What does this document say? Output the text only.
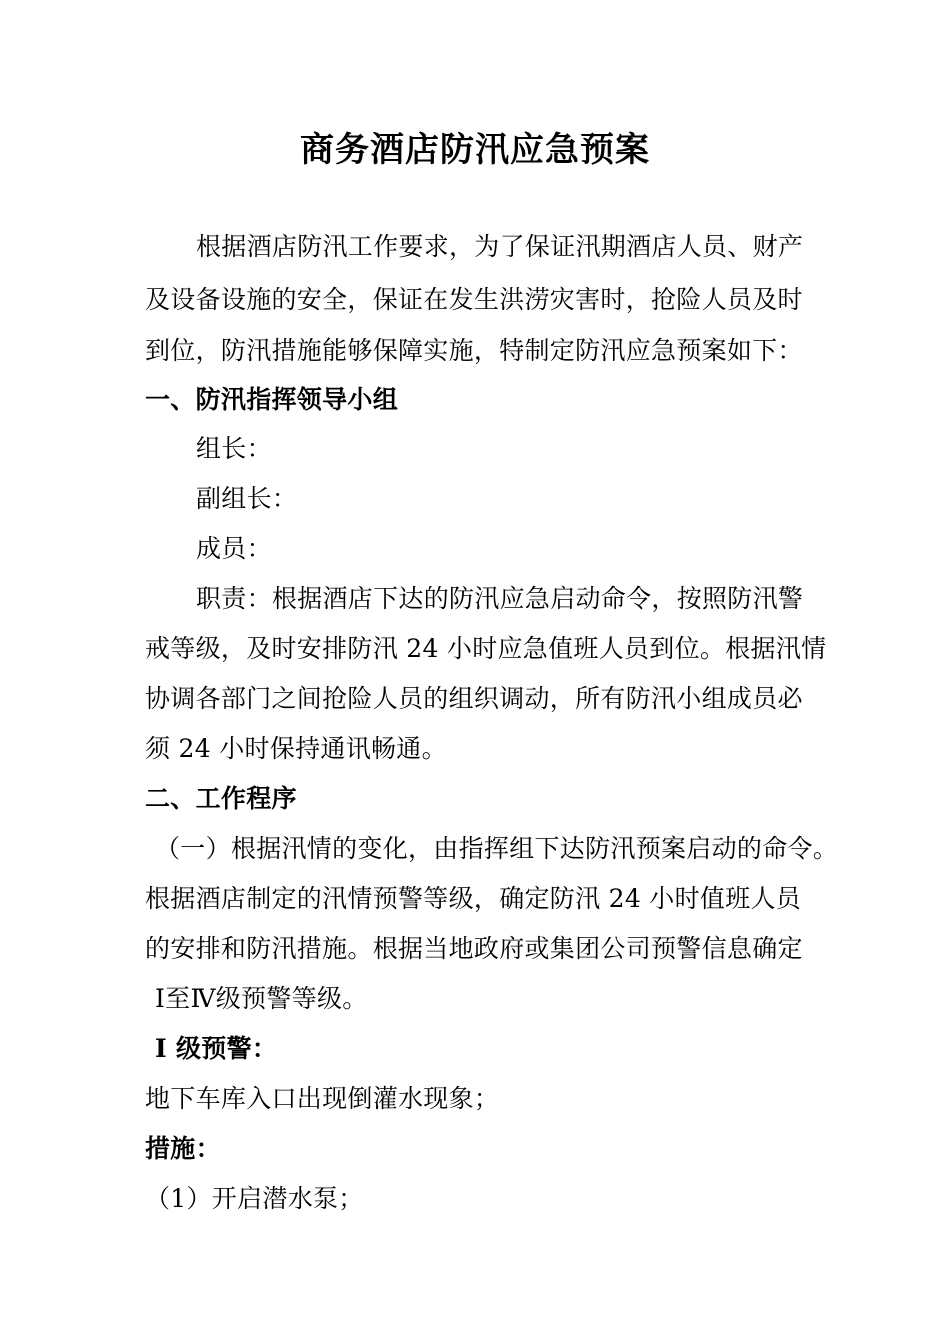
商务酒店防汛应急预案
根据酒店防汛工作要求，为了保证汛期酒店人员、财产
及设备设施的安全，保证在发生洪涝灾害时，抢险人员及时
到位，防汛措施能够保障实施，特制定防汛应急预案如下：
一、防汛指挥领导小组
组长：
副组长：
成员：
职责：根据酒店下达的防汛应急启动命令，按照防汛警
戒等级，及时安排防汛 24 小时应急值班人员到位。根据汛情
协调各部门之间抢险人员的组织调动，所有防汛小组成员必
须 24 小时保持通讯畅通。
二、工作程序
（一）根据汛情的变化，由指挥组下达防汛预案启动的命令。
根据酒店制定的汛情预警等级，确定防汛 24 小时值班人员
的安排和防汛措施。根据当地政府或集团公司预警信息确定
Ⅰ至Ⅳ级预警等级。
Ⅰ 级预警：
地下车库入口出现倒灌水现象；
措施：
（1）开启潜水泵；
